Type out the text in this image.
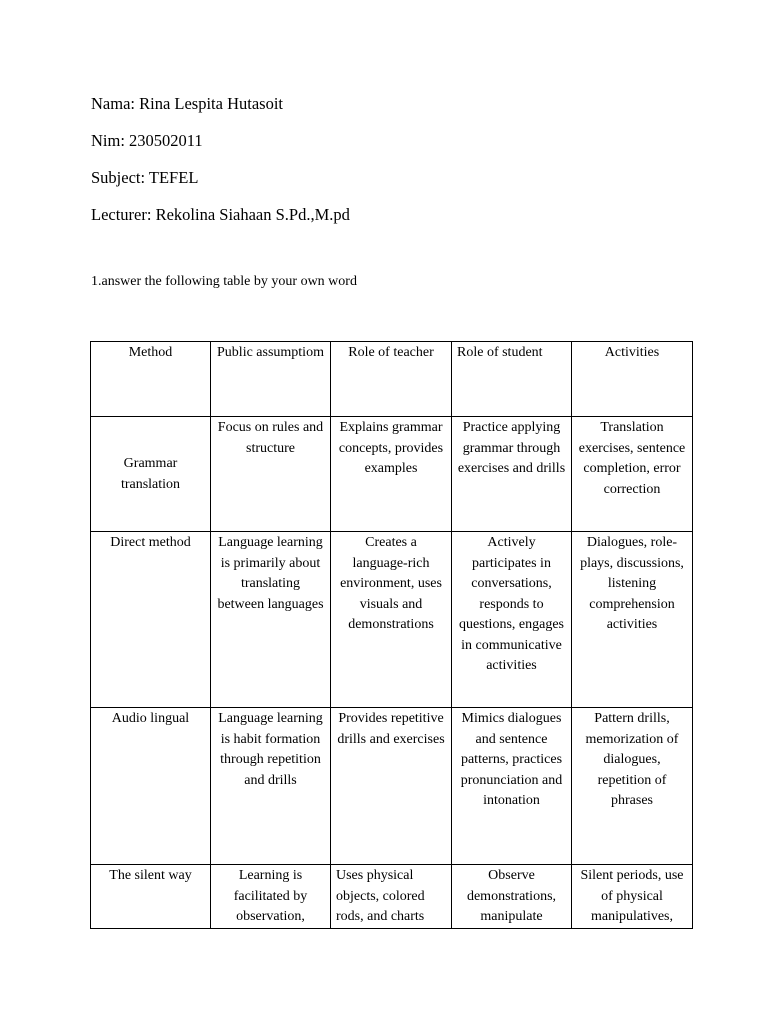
Nama: Rina Lespita Hutasoit
Nim: 230502011
Subject: TEFEL
Lecturer: Rekolina Siahaan S.Pd.,M.pd
1.answer the following table by your own word
Method	Public assumptiom	Role of teacher	Role of student	Activities

Grammar translation	Focus on rules and structure	Explains grammar concepts, provides examples	Practice applying grammar through exercises and drills	Translation exercises, sentence completion, error correction

Direct method	Language learning is primarily about translating between languages	Creates a language-rich environment, uses visuals and demonstrations	Actively participates in conversations, responds to questions, engages in communicative activities	Dialogues, role-plays, discussions, listening comprehension activities

Audio lingual	Language learning is habit formation through repetition and drills	Provides repetitive drills and exercises	Mimics dialogues and sentence patterns, practices pronunciation and intonation	Pattern drills, memorization of dialogues, repetition of phrases

The silent way	Learning is facilitated by observation,	Uses physical objects, colored rods, and charts	Observe demonstrations, manipulate	Silent periods, use of physical manipulatives,
